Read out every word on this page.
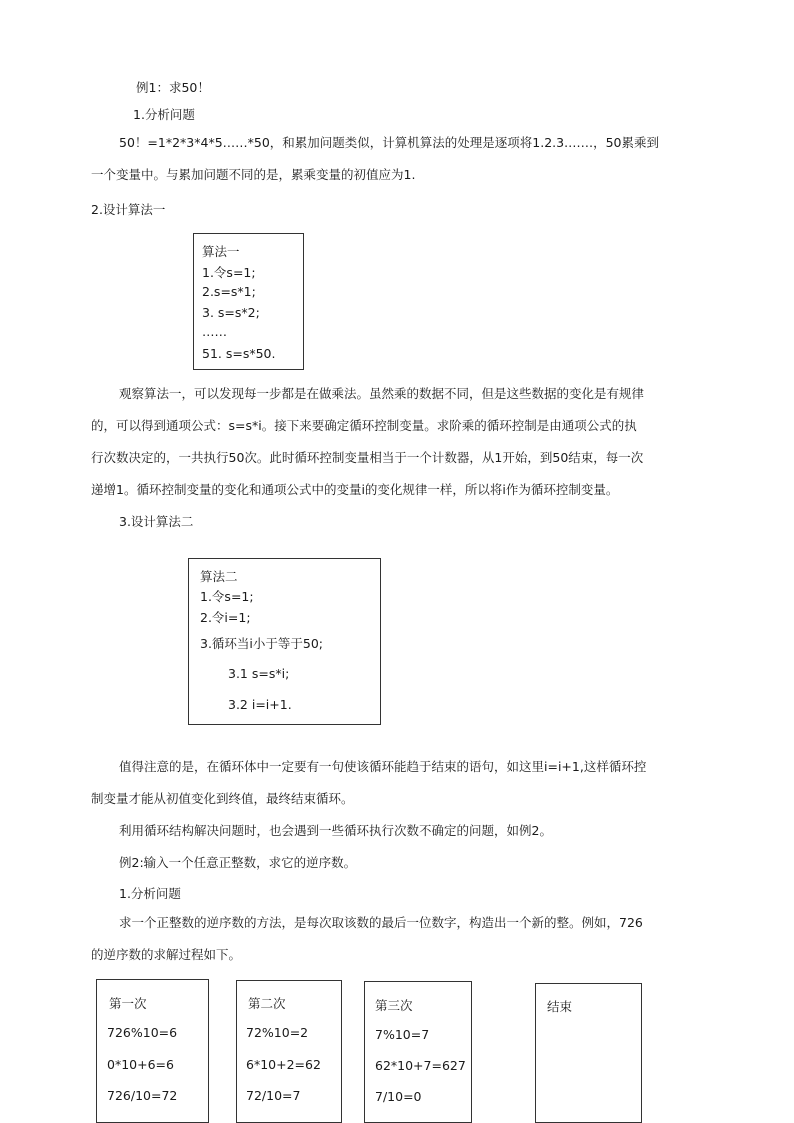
例1：求50！
1.分析问题

50！=1*2*3*4*5……*50，和累加问题类似，计算机算法的处理是逐项将1.2.3.……，50累乘到

一个变量中。与累加问题不同的是，累乘变量的初值应为1.

2.设计算法一
算法一
1.令s=1;
2.s=s*1;
3. s=s*2;
……
51. s=s*50.

观察算法一，可以发现每一步都是在做乘法。虽然乘的数据不同，但是这些数据的变化是有规律

的，可以得到通项公式：s=s*i。接下来要确定循环控制变量。求阶乘的循环控制是由通项公式的执

行次数决定的，一共执行50次。此时循环控制变量相当于一个计数器，从1开始，到50结束，每一次

递增1。循环控制变量的变化和通项公式中的变量i的变化规律一样，所以将i作为循环控制变量。

3.设计算法二
算法二
1.令s=1;
2.令i=1;
3.循环当i小于等于50;
3.1 s=s*i;
3.2 i=i+1.

值得注意的是，在循环体中一定要有一句使该循环能趋于结束的语句，如这里i=i+1,这样循环控

制变量才能从初值变化到终值，最终结束循环。

利用循环结构解决问题时，也会遇到一些循环执行次数不确定的问题，如例2。
例2:输入一个任意正整数，求它的逆序数。
1.分析问题

求一个正整数的逆序数的方法，是每次取该数的最后一位数字，构造出一个新的整。例如，726

的逆序数的求解过程如下。

第一次
726%10=6
0*10+6=6
726/10=72
第二次
72%10=2
6*10+2=62
72/10=7
第三次
7%10=7
62*10+7=627
7/10=0
结束
